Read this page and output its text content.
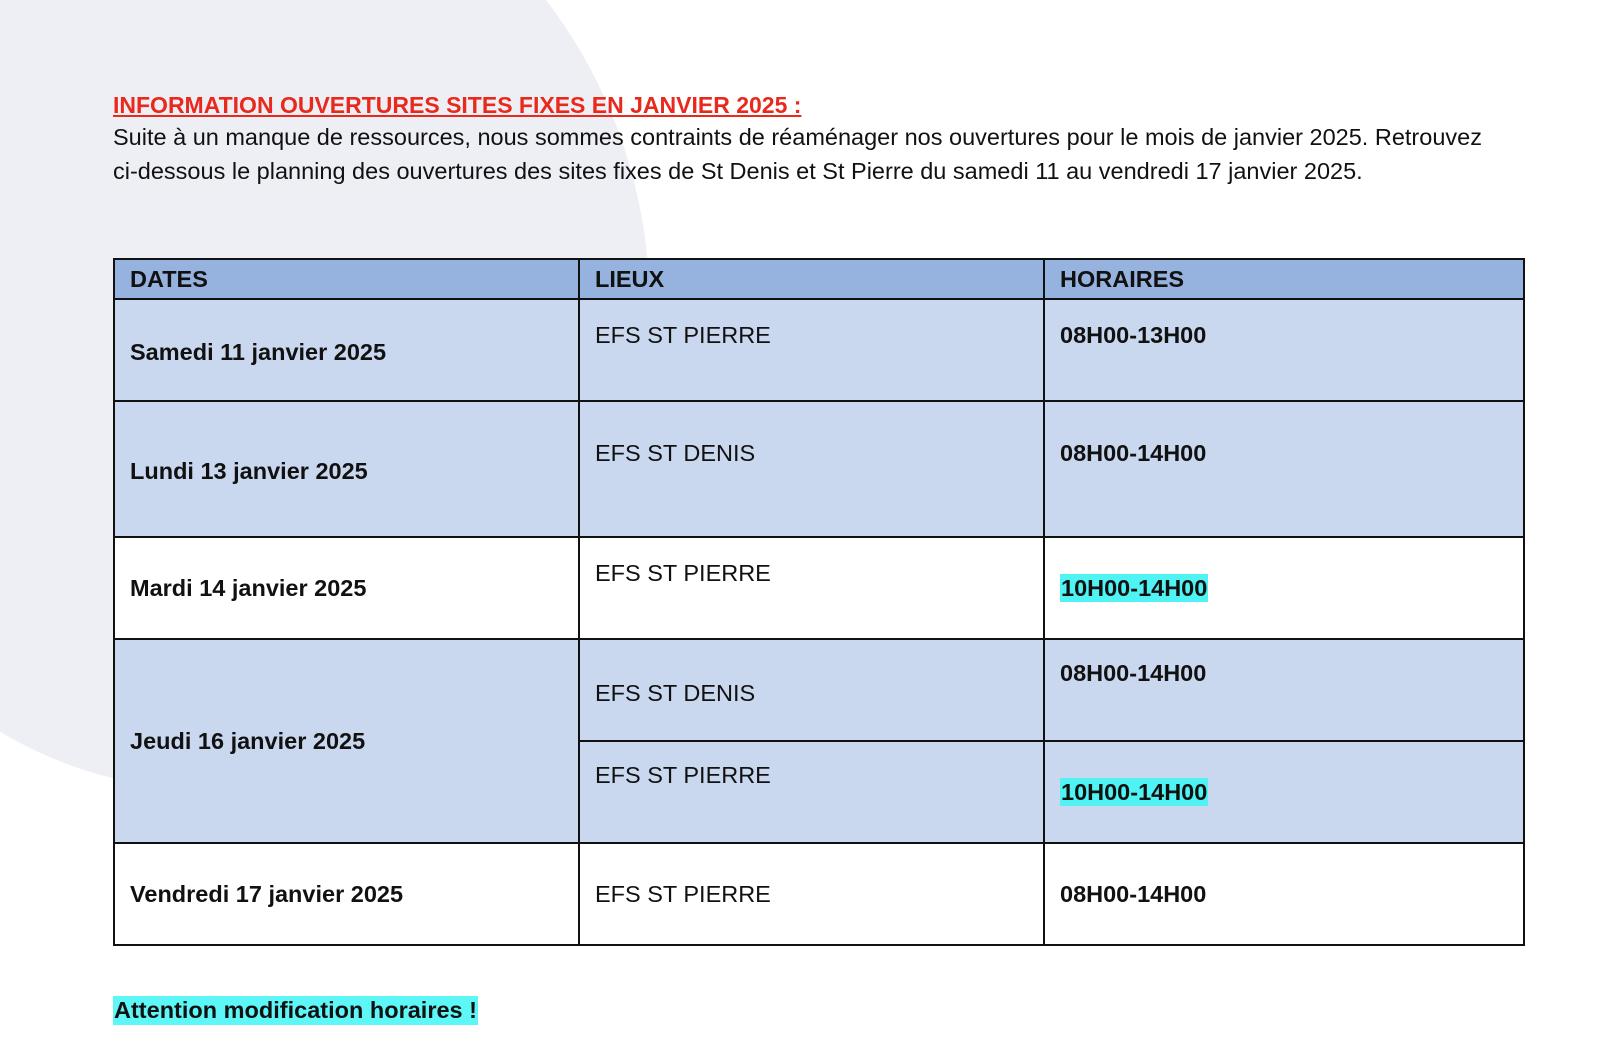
INFORMATION OUVERTURES SITES FIXES EN JANVIER 2025 :

Suite à un manque de ressources, nous sommes contraints de réaménager nos ouvertures pour le mois de janvier 2025. Retrouvez ci-dessous le planning des ouvertures des sites fixes de St Denis et St Pierre du samedi 11 au vendredi 17 janvier 2025.

DATES	LIEUX	HORAIRES
Samedi 11 janvier 2025	EFS ST PIERRE	08H00-13H00
Lundi 13 janvier 2025	EFS ST DENIS	08H00-14H00
Mardi 14 janvier 2025	EFS ST PIERRE	10H00-14H00
Jeudi 16 janvier 2025	EFS ST DENIS	08H00-14H00
	EFS ST PIERRE	10H00-14H00
Vendredi 17 janvier 2025	EFS ST PIERRE	08H00-14H00
Attention modification horaires !
